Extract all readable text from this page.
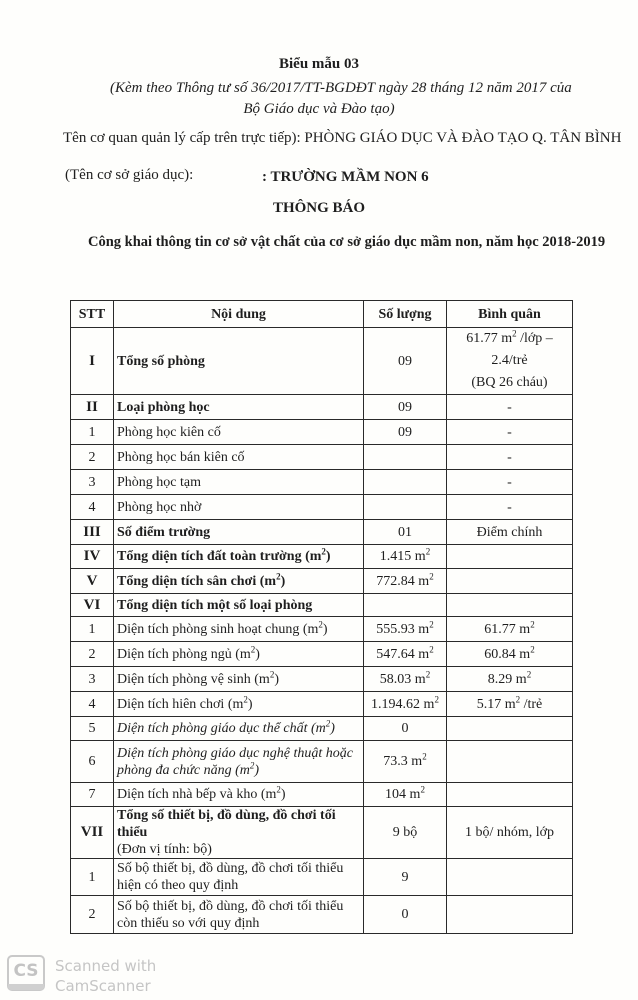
Biểu mẫu 03
(Kèm theo Thông tư số 36/2017/TT-BGDĐT ngày 28 tháng 12 năm 2017 của
Bộ Giáo dục và Đào tạo)
Tên cơ quan quản lý cấp trên trực tiếp): PHÒNG GIÁO DỤC VÀ ĐÀO TẠO Q. TÂN BÌNH
(Tên cơ sở giáo dục):	: TRƯỜNG MẦM NON 6
THÔNG BÁO
Công khai thông tin cơ sở vật chất của cơ sở giáo dục mầm non, năm học 2018-2019
STT	Nội dung	Số lượng	Bình quân
I	Tổng số phòng	09	
61.77 $m^2$ /lớp – 2.4/trẻ
(BQ 26 cháu)

II	Loại phòng học	09	-
1	Phòng học kiên cố	09	-
2	Phòng học bán kiên cố		-
3	Phòng học tạm		-
4	Phòng học nhờ		-
III	Số điểm trường	01	Điểm chính
IV	Tổng diện tích đất toàn trường $(m^2)$	1.415 $m^2$	
V	Tổng diện tích sân chơi $(m^2)$	772.84 $m^2$	
VI	Tổng diện tích một số loại phòng		
1	Diện tích phòng sinh hoạt chung $(m^2)$	555.93 $m^2$	61.77 $m^2$
2	Diện tích phòng ngủ $(m^2)$	547.64 $m^2$	60.84 $m^2$
3	Diện tích phòng vệ $\sinh (m^2)$	58.03 $m^2$	8.29 $m^2$
4	Diện tích hiên chơi $(m^2)$	1.194.62 $m^2$	5.17 $m^2$ /trẻ
5	Diện tích phòng giáo dục thể chất $(m^2)$	0	
6	Diện tích phòng giáo dục nghệ thuật hoặc phòng đa chức năng $(m^2)$	73.3 $m^2$	
7	Diện tích nhà bếp và kho $(m^2)$	104 $m^2$	
VII	
Tổng số thiết bị, đồ dùng, đồ chơi tối thiểu
(Đơn vị tính: bộ)
	9 bộ	1 bộ/ nhóm, lớp
1	Số bộ thiết bị, đồ dùng, đồ chơi tối thiểu hiện có theo quy định	9	
2	Số bộ thiết bị, đồ dùng, đồ chơi tối thiểu còn thiếu so với quy định	0	
CS	Scanned with
CamScanner
